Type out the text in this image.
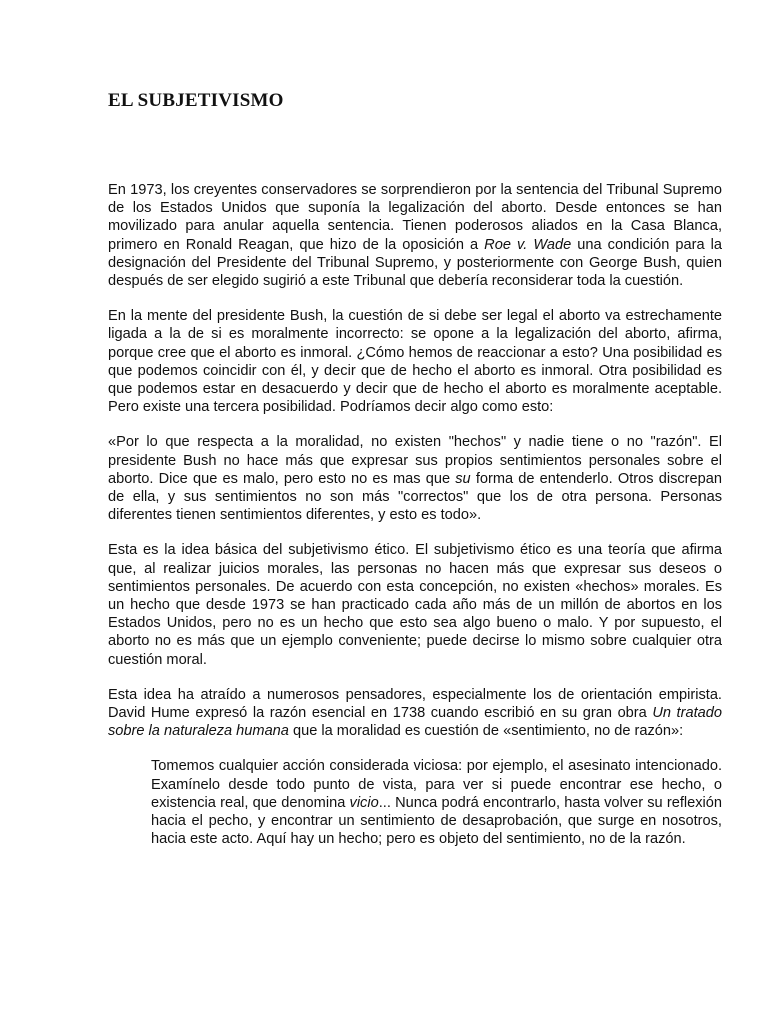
EL SUBJETIVISMO

En 1973, los creyentes conservadores se sorprendieron por la sentencia del Tribunal Supremo de los Estados Unidos que suponía la legalización del aborto. Desde entonces se han movilizado para anular aquella sentencia. Tienen poderosos aliados en la Casa Blanca, primero en Ronald Reagan, que hizo de la oposición a Roe v. Wade una condición para la designación del Presidente del Tribunal Supremo, y posteriormente con George Bush, quien después de ser elegido sugirió a este Tribunal que debería reconsiderar toda la cuestión.

En la mente del presidente Bush, la cuestión de si debe ser legal el aborto va estrechamente ligada a la de si es moralmente incorrecto: se opone a la legalización del aborto, afirma, porque cree que el aborto es inmoral. ¿Cómo hemos de reaccionar a esto? Una posibilidad es que podemos coincidir con él, y decir que de hecho el aborto es inmoral. Otra posibilidad es que podemos estar en desacuerdo y decir que de hecho el aborto es moralmente aceptable. Pero existe una tercera posibilidad. Podríamos decir algo como esto:

«Por lo que respecta a la moralidad, no existen "hechos" y nadie tiene o no "razón". El presidente Bush no hace más que expresar sus propios sentimientos personales sobre el aborto. Dice que es malo, pero esto no es mas que su forma de entenderlo. Otros discrepan de ella, y sus sentimientos no son más "correctos" que los de otra persona. Personas diferentes tienen sentimientos diferentes, y esto es todo».

Esta es la idea básica del subjetivismo ético. El subjetivismo ético es una teoría que afirma que, al realizar juicios morales, las personas no hacen más que expresar sus deseos o sentimientos personales. De acuerdo con esta concepción, no existen «hechos» morales. Es un hecho que desde 1973 se han practicado cada año más de un millón de abortos en los Estados Unidos, pero no es un hecho que esto sea algo bueno o malo. Y por supuesto, el aborto no es más que un ejemplo conveniente; puede decirse lo mismo sobre cualquier otra cuestión moral.

Esta idea ha atraído a numerosos pensadores, especialmente los de orientación empirista. David Hume expresó la razón esencial en 1738 cuando escribió en su gran obra Un tratado sobre la naturaleza humana que la moralidad es cuestión de «sentimiento, no de razón»:

Tomemos cualquier acción considerada viciosa: por ejemplo, el asesinato intencionado. Examínelo desde todo punto de vista, para ver si puede encontrar ese hecho, o existencia real, que denomina vicio... Nunca podrá encontrarlo, hasta volver su reflexión hacia el pecho, y encontrar un sentimiento de desaprobación, que surge en nosotros, hacia este acto. Aquí hay un hecho; pero es objeto del sentimiento, no de la razón.
